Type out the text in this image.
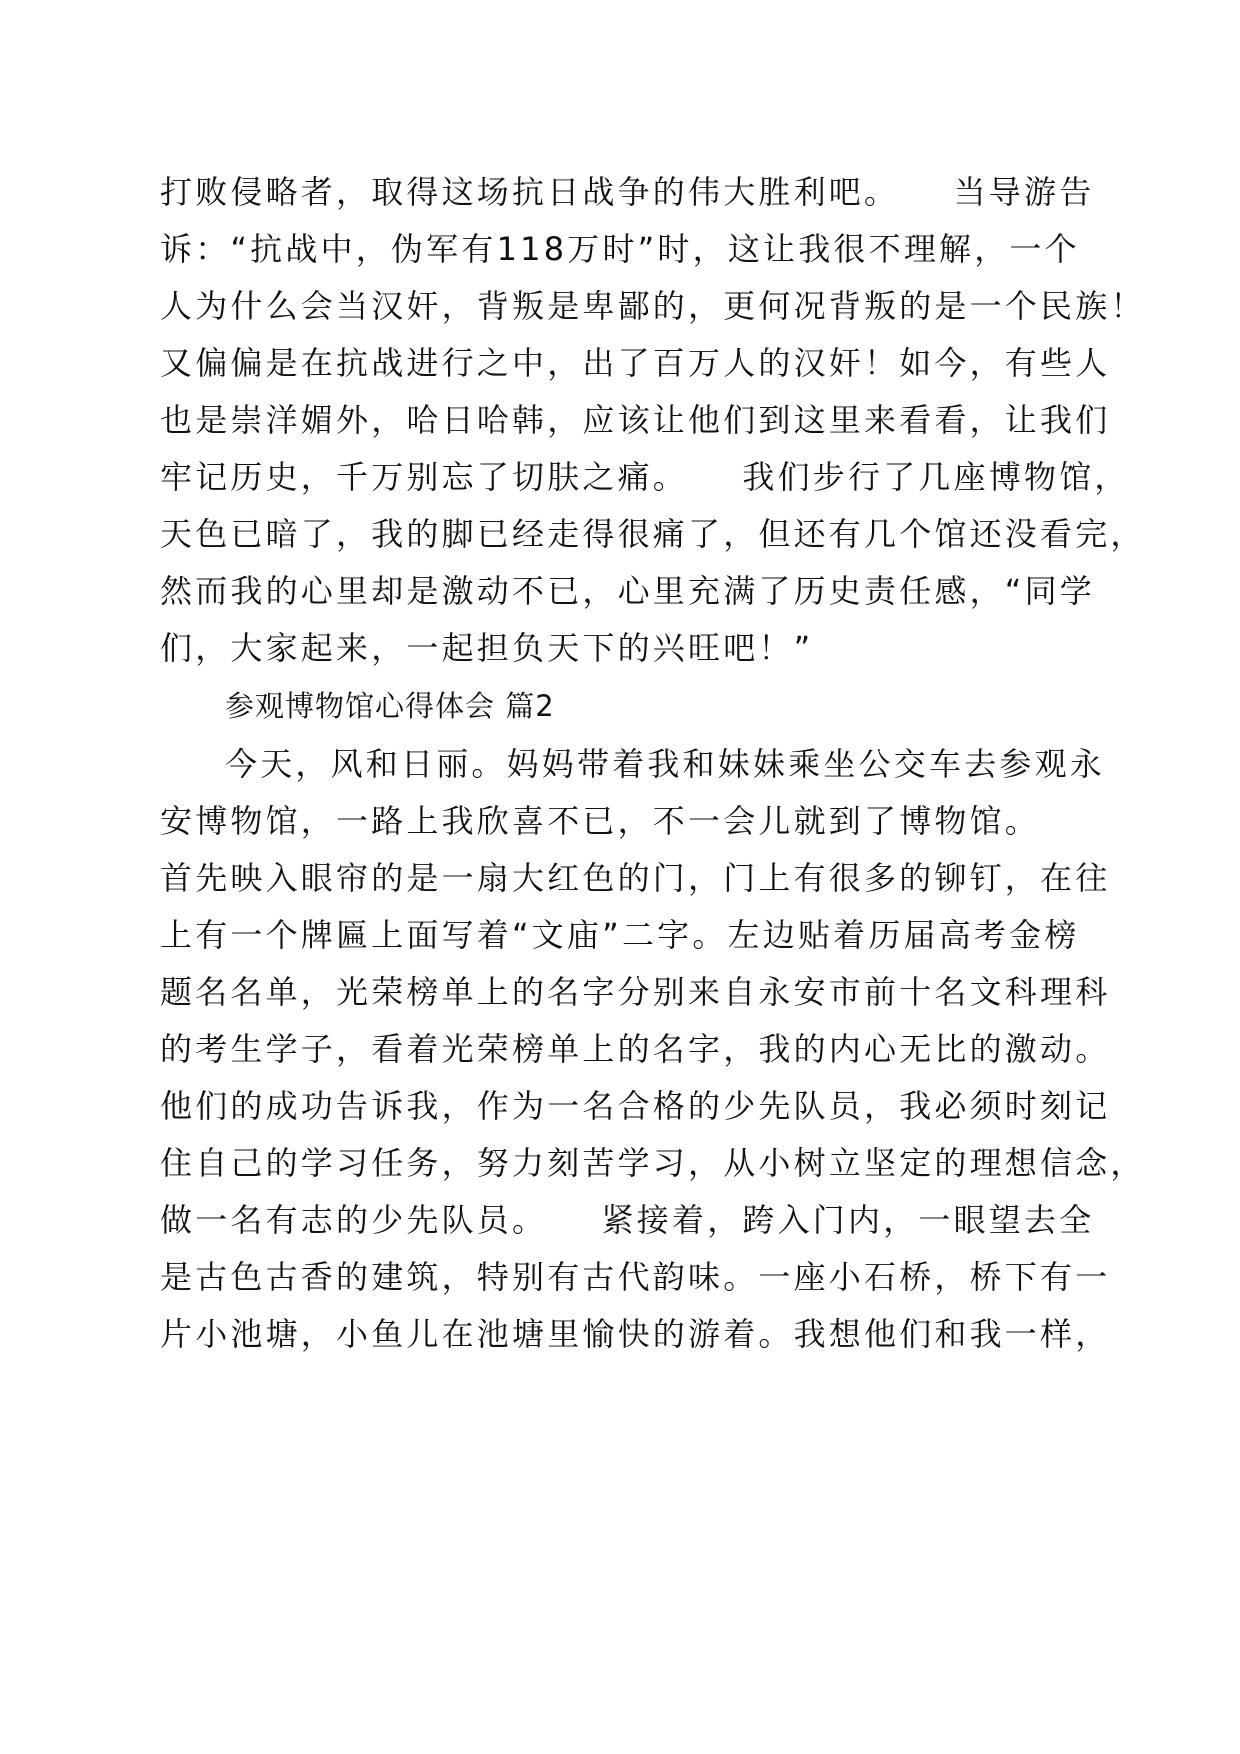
打败侵略者，取得这场抗日战争的伟大胜利吧。　　当导游告
诉：“抗战中，伪军有118万时”时，这让我很不理解，一个
人为什么会当汉奸，背叛是卑鄙的，更何况背叛的是一个民族！
又偏偏是在抗战进行之中，出了百万人的汉奸！如今，有些人
也是崇洋媚外，哈日哈韩，应该让他们到这里来看看，让我们
牢记历史，千万别忘了切肤之痛。　　我们步行了几座博物馆，
天色已暗了，我的脚已经走得很痛了，但还有几个馆还没看完，
然而我的心里却是激动不已，心里充满了历史责任感，“同学
们，大家起来，一起担负天下的兴旺吧！”
参观博物馆心得体会 篇2
今天，风和日丽。妈妈带着我和妹妹乘坐公交车去参观永
安博物馆，一路上我欣喜不已，不一会儿就到了博物馆。
首先映入眼帘的是一扇大红色的门，门上有很多的铆钉，在往
上有一个牌匾上面写着“文庙”二字。左边贴着历届高考金榜
题名名单，光荣榜单上的名字分别来自永安市前十名文科理科
的考生学子，看着光荣榜单上的名字，我的内心无比的激动。
他们的成功告诉我，作为一名合格的少先队员，我必须时刻记
住自己的学习任务，努力刻苦学习，从小树立坚定的理想信念，
做一名有志的少先队员。　　紧接着，跨入门内，一眼望去全
是古色古香的建筑，特别有古代韵味。一座小石桥，桥下有一
片小池塘，小鱼儿在池塘里愉快的游着。我想他们和我一样，
